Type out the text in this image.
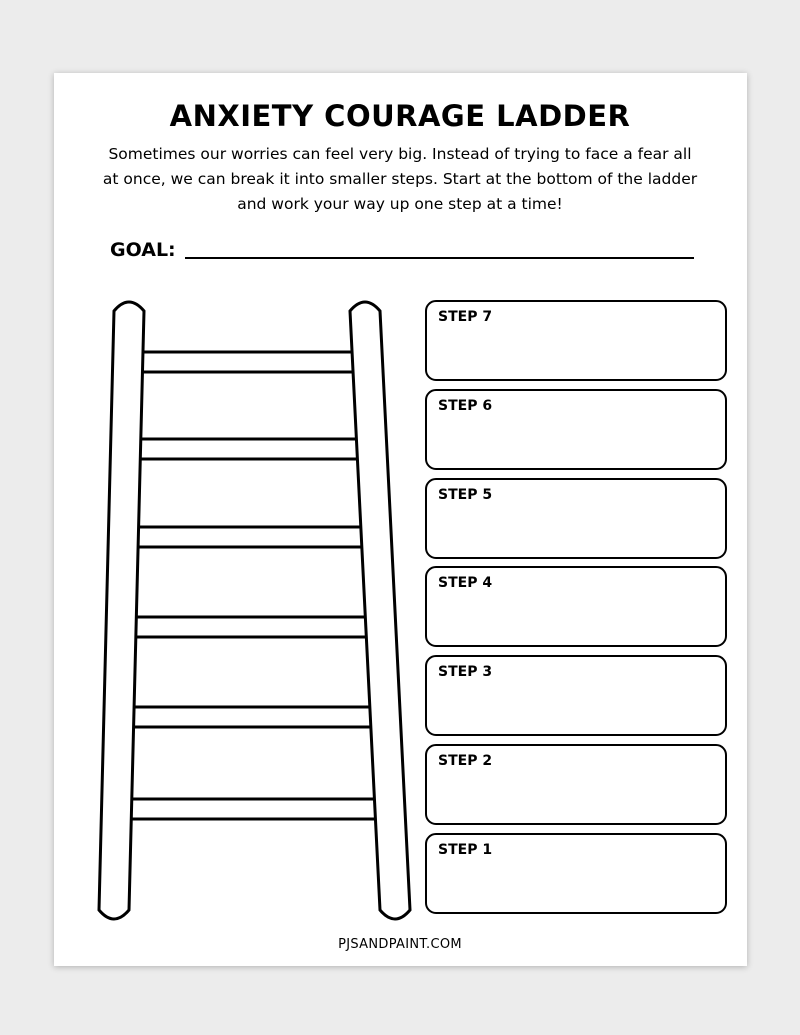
ANXIETY COURAGE LADDER

Sometimes our worries can feel very big. Instead of trying to face a fear all at once, we can break it into smaller steps. Start at the bottom of the ladder and work your way up one step at a time!

GOAL:
STEP 7
STEP 6
STEP 5
STEP 4
STEP 3
STEP 2
STEP 1
PJSANDPAINT.COM
